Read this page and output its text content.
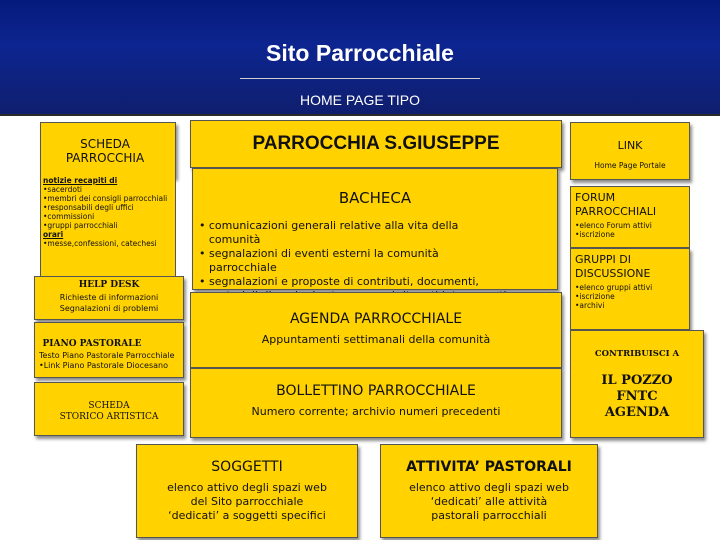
Sito Parrocchiale
HOME PAGE TIPO
SCHEDA PARROCCHIA
notizie recapiti di
•sacerdoti
•membri dei consigli parrocchiali
•responsabili degli uffici
•commissioni
•gruppi parrocchiali
orari
•messe,confessioni, catechesi
HELP DESK
Richieste di informazioni
Segnalazioni di problemi
PIANO PASTORALE
Testo Piano Pastorale Parrocchiale
•Link Piano Pastorale Diocesano
SCHEDA
STORICO ARTISTICA
PARROCCHIA S.GIUSEPPE
BACHECA
• comunicazioni generali relative alla vita della comunità
• segnalazioni di eventi esterni la comunità parrocchiale
• segnalazioni e proposte di contributi, documenti,
AGENDA PARROCCHIALE
Appuntamenti settimanali della comunità
BOLLETTINO PARROCCHIALE
Numero corrente; archivio numeri precedenti
SOGGETTI
elenco attivo degli spazi web
del Sito parrocchiale
‘dedicati’ a soggetti specifici
ATTIVITA’ PASTORALI
elenco attivo degli spazi web
‘dedicati’ alle attività
pastorali parrocchiali
LINK
Home Page Portale
FORUM PARROCCHIALI
•elenco Forum attivi
•iscrizione
GRUPPI DI DISCUSSIONE
•elenco gruppi attivi
•iscrizione
•archivi
CONTRIBUISCI A
IL POZZO
FNTC
AGENDA
